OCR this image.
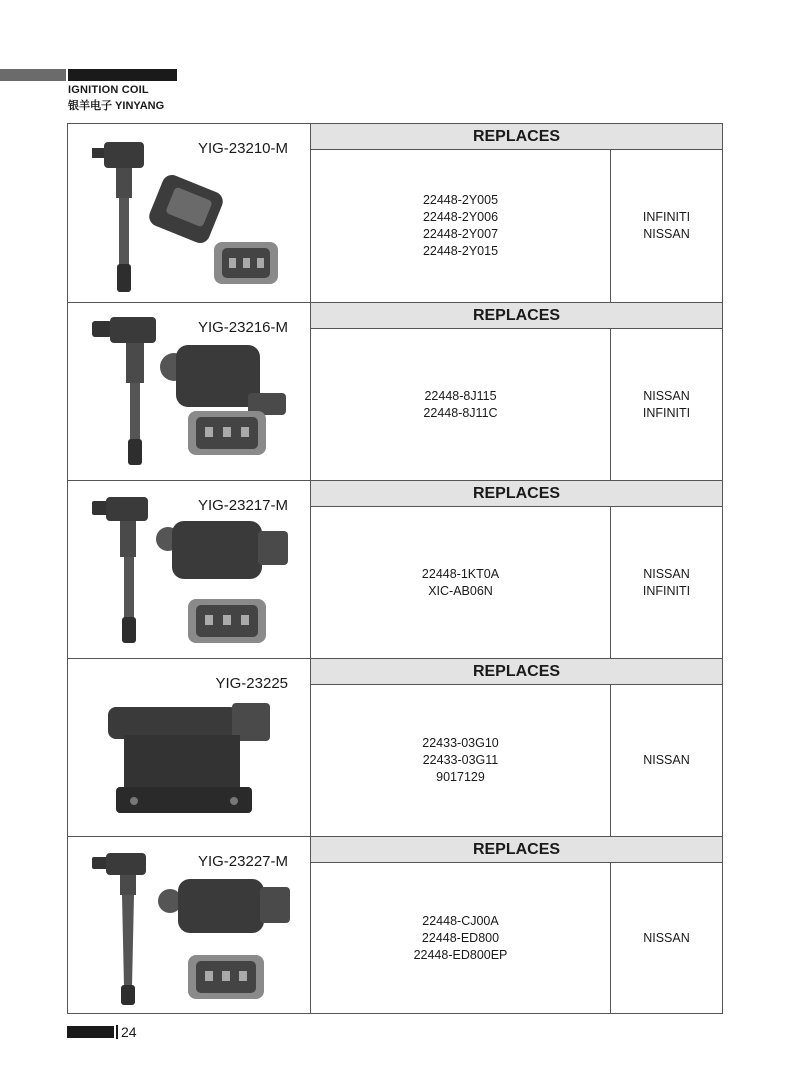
IGNITION COIL
银羊电子 YINYANG
YIG-23210-M
REPLACES
22448-2Y005
22448-2Y006
22448-2Y007
22448-2Y015
INFINITI
NISSAN
YIG-23216-M
REPLACES
22448-8J115
22448-8J11C
NISSAN
INFINITI
YIG-23217-M
REPLACES
22448-1KT0A
XIC-AB06N
NISSAN
INFINITI
YIG-23225
REPLACES
22433-03G10
22433-03G11
9017129
NISSAN
YIG-23227-M
REPLACES
22448-CJ00A
22448-ED800
22448-ED800EP
NISSAN
24
